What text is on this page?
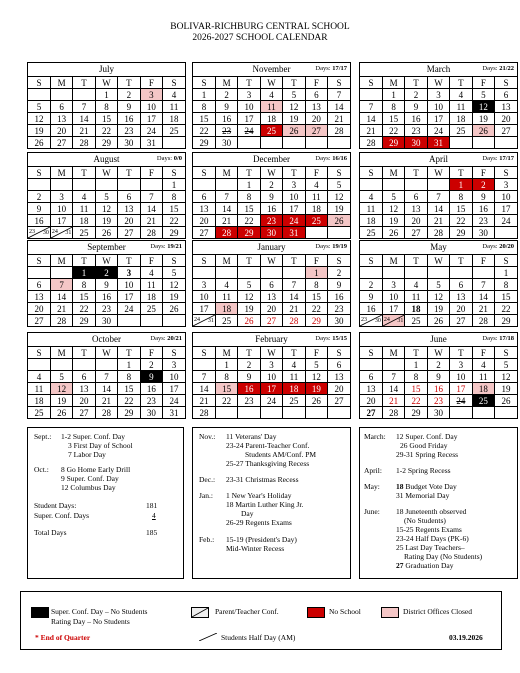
BOLIVAR-RICHBURG CENTRAL SCHOOL
2026-2027 SCHOOL CALENDAR
July
S	M	T	W	T	F	S
			1	2	3	4
5	6	7	8	9	10	11
12	13	14	15	16	17	18
19	20	21	22	23	24	25
26	27	28	29	30	31	
August	Days: 0/0
S	M	T	W	T	F	S
						1
2	3	4	5	6	7	8
9	10	11	12	13	14	15
16	17	18	19	20	21	22

23 30	24 31	25	26	27	28	29
September	Days: 19/21
S	M	T	W	T	F	S
		1	2	3	4	5
6	7	8	9	10	11	12
13	14	15	16	17	18	19
20	21	22	23	24	25	26
27	28	29	30			
October	Days: 20/21
S	M	T	W	T	F	S
				1	2	3
4	5	6	7	8	9	10
11	12	13	14	15	16	17
18	19	20	21	22	23	24
25	26	27	28	29	30	31
November	Days: 17/17
S	M	T	W	T	F	S
1	2	3	4	5	6	7
8	9	10	11	12	13	14
15	16	17	18	19	20	21
22	23	24	25	26	27	28
29	30					
December	Days: 16/16
S	M	T	W	T	F	S
		1	2	3	4	5
6	7	8	9	10	11	12
13	14	15	16	17	18	19
20	21	22	23	24	25	26
27	28	29	30	31		
January	Days: 19/19
S	M	T	W	T	F	S
					1	2
3	4	5	6	7	8	9
10	11	12	13	14	15	16
17	18	19	20	21	22	23

24 31	25	26	27	28	29	30
February	Days: 15/15
S	M	T	W	T	F	S
	1	2	3	4	5	6
7	8	9	10	11	12	13
14	15	16	17	18	19	20
21	22	23	24	25	26	27
28						
March	Days: 21/22
S	M	T	W	T	F	S
	1	2	3	4	5	6
7	8	9	10	11	12	13
14	15	16	17	18	19	20
21	22	23	24	25	26	27
28	29	30	31			
April	Days: 17/17
S	M	T	W	T	F	S
				1	2	3
4	5	6	7	8	9	10
11	12	13	14	15	16	17
18	19	20	21	22	23	24
25	26	27	28	29	30	
May	Days: 20/20
S	M	T	W	T	F	S
						1
2	3	4	5	6	7	8
9	10	11	12	13	14	15
16	17	18	19	20	21	22

23 30	24 31	25	26	27	28	29
June	Days: 17/18
S	M	T	W	T	F	S
		1	2	3	4	5
6	7	8	9	10	11	12
13	14	15	16	17	18	19
20	21	22	23	24	25	26
27	28	29	30			
Sept.: 1-2 Super. Conf. Day
3 First Day of School
7 Labor Day
Oct.: 8 Go Home Early Drill
9 Super. Conf. Day
12 Columbus Day
Student Days:	181
Super. Conf. Days	4
Total Days	185
Nov.: 11 Veterans' Day
23-24 Parent-Teacher Conf.
Students AM/Conf. PM
25-27 Thanksgiving Recess
Dec.: 23-31 Christmas Recess
Jan.: 1 New Year's Holiday
18 Martin Luther King Jr.
Day
26-29 Regents Exams
Feb.: 15-19 (President's Day)
Mid-Winter Recess
March: 12 Super. Conf. Day
26 Good Friday
29-31 Spring Recess
April: 1-2 Spring Recess
May: 18 Budget Vote Day
31 Memorial Day
June: 18 Juneteenth observed
(No Students)
15-25 Regents Exams
23-24 Half Days (PK-6)
25 Last Day Teachers–
Rating Day (No Students)
27 Graduation Day
Super. Conf. Day – No Students
Rating Day – No Students
Parent/Teacher Conf.	No School	District Offices Closed
* End of Quarter	Students Half Day (AM)	03.19.2026
